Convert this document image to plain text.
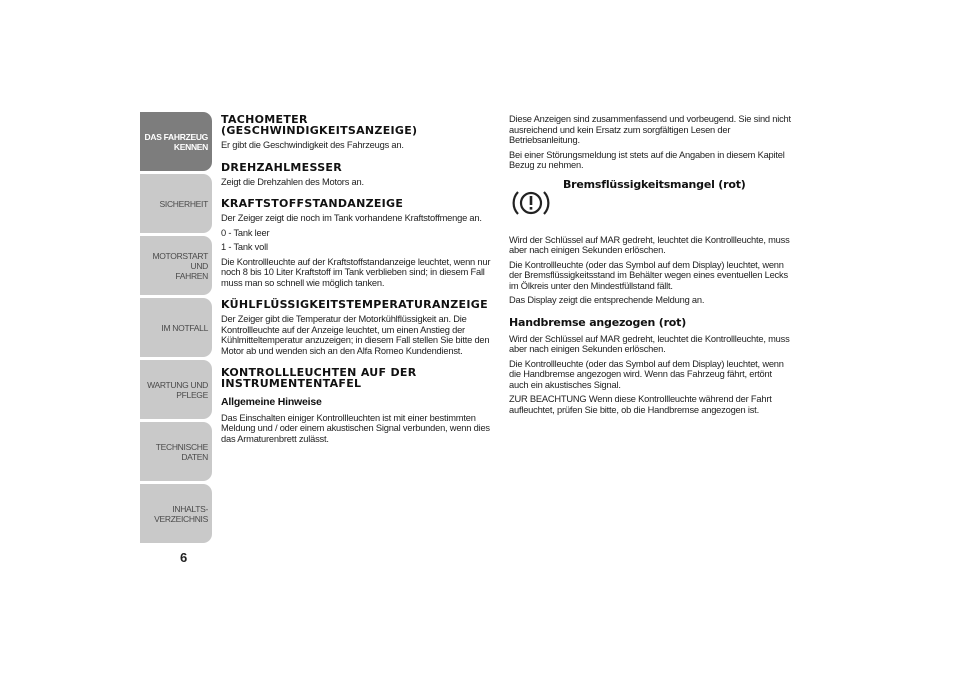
DAS FAHRZEUG
KENNEN
SICHERHEIT
MOTORSTART UND
FAHREN
IM NOTFALL
WARTUNG UND
PFLEGE
TECHNISCHE DATEN
INHALTS-
VERZEICHNIS
6
TACHOMETER (GESCHWINDIGKEITSANZEIGE)

Er gibt die Geschwindigkeit des Fahrzeugs an.

DREHZAHLMESSER

Zeigt die Drehzahlen des Motors an.

KRAFTSTOFFSTANDANZEIGE

Der Zeiger zeigt die noch im Tank vorhandene Kraftstoffmenge an.

0 - Tank leer

1 - Tank voll

Die Kontrollleuchte auf der Kraftstoffstandanzeige leuchtet, wenn nur noch 8 bis 10 Liter Kraftstoff im Tank verblieben sind; in diesem Fall muss man so schnell wie möglich tanken.

KÜHLFLÜSSIGKEITSTEMPERATURANZEIGE

Der Zeiger gibt die Temperatur der Motorkühlflüssigkeit an. Die Kontrollleuchte auf der Anzeige leuchtet, um einen Anstieg der Kühlmitteltemperatur anzuzeigen; in diesem Fall stellen Sie bitte den Motor ab und wenden sich an den Alfa Romeo Kundendienst.

KONTROLLLEUCHTEN AUF DER INSTRUMENTENTAFEL
Allgemeine Hinweise

Das Einschalten einiger Kontrollleuchten ist mit einer bestimmten Meldung und / oder einem akustischen Signal verbunden, wenn dies das Armaturenbrett zulässt.

Diese Anzeigen sind zusammenfassend und vorbeugend. Sie sind nicht ausreichend und kein Ersatz zum sorgfältigen Lesen der Betriebsanleitung.

Bei einer Störungsmeldung ist stets auf die Angaben in diesem Kapitel Bezug zu nehmen.

Bremsflüssigkeitsmangel (rot)

Wird der Schlüssel auf MAR gedreht, leuchtet die Kontrollleuchte, muss aber nach einigen Sekunden erlöschen.

Die Kontrollleuchte (oder das Symbol auf dem Display) leuchtet, wenn der Bremsflüssigkeitsstand im Behälter wegen eines eventuellen Lecks im Ölkreis unter den Mindestfüllstand fällt.

Das Display zeigt die entsprechende Meldung an.

Handbremse angezogen (rot)

Wird der Schlüssel auf MAR gedreht, leuchtet die Kontrollleuchte, muss aber nach einigen Sekunden erlöschen.

Die Kontrollleuchte (oder das Symbol auf dem Display) leuchtet, wenn die Handbremse angezogen wird. Wenn das Fahrzeug fährt, ertönt auch ein akustisches Signal.

ZUR BEACHTUNG Wenn diese Kontrollleuchte während der Fahrt aufleuchtet, prüfen Sie bitte, ob die Handbremse angezogen ist.
